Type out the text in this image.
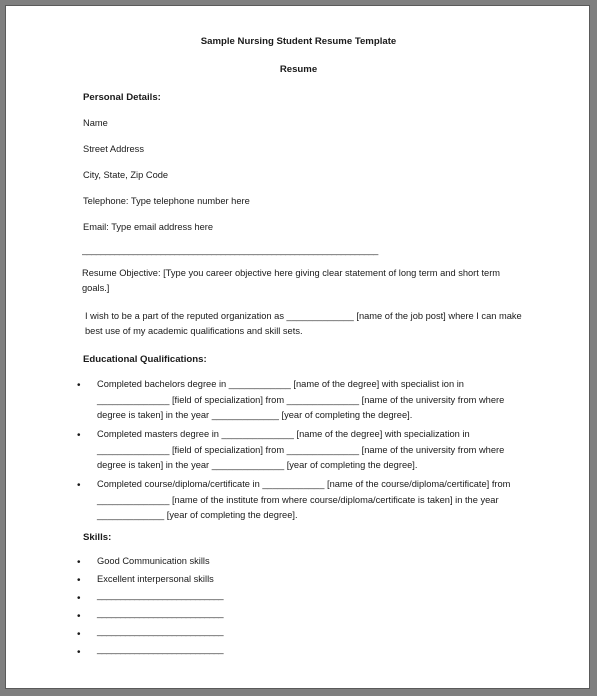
Sample Nursing Student Resume Template
Resume
Personal Details:
Name
Street Address
City, State, Zip Code
Telephone: Type telephone number here
Email: Type email address here
________________________________________________________________
Resume Objective: [Type you career objective here giving clear statement of long term and short term goals.]
I wish to be a part of the reputed organization as _____________ [name of the job post] where I can make best use of my academic qualifications and skill sets.
Educational Qualifications:
• Completed bachelors degree in ____________ [name of the degree] with specialist ion in ______________ [field of specialization] from ______________ [name of the university from where degree is taken] in the year _____________ [year of completing the degree].
• Completed masters degree in ______________ [name of the degree] with specialization in ______________ [field of specialization] from ______________ [name of the university from where degree is taken] in the year ______________ [year of completing the degree].
• Completed course/diploma/certificate in ____________ [name of the course/diploma/certificate] from ______________ [name of the institute from where course/diploma/certificate is taken] in the year _____________ [year of completing the degree].
Skills:
• Good Communication skills
• Excellent interpersonal skills
• ___________________________
• ___________________________
• ___________________________
• ___________________________
